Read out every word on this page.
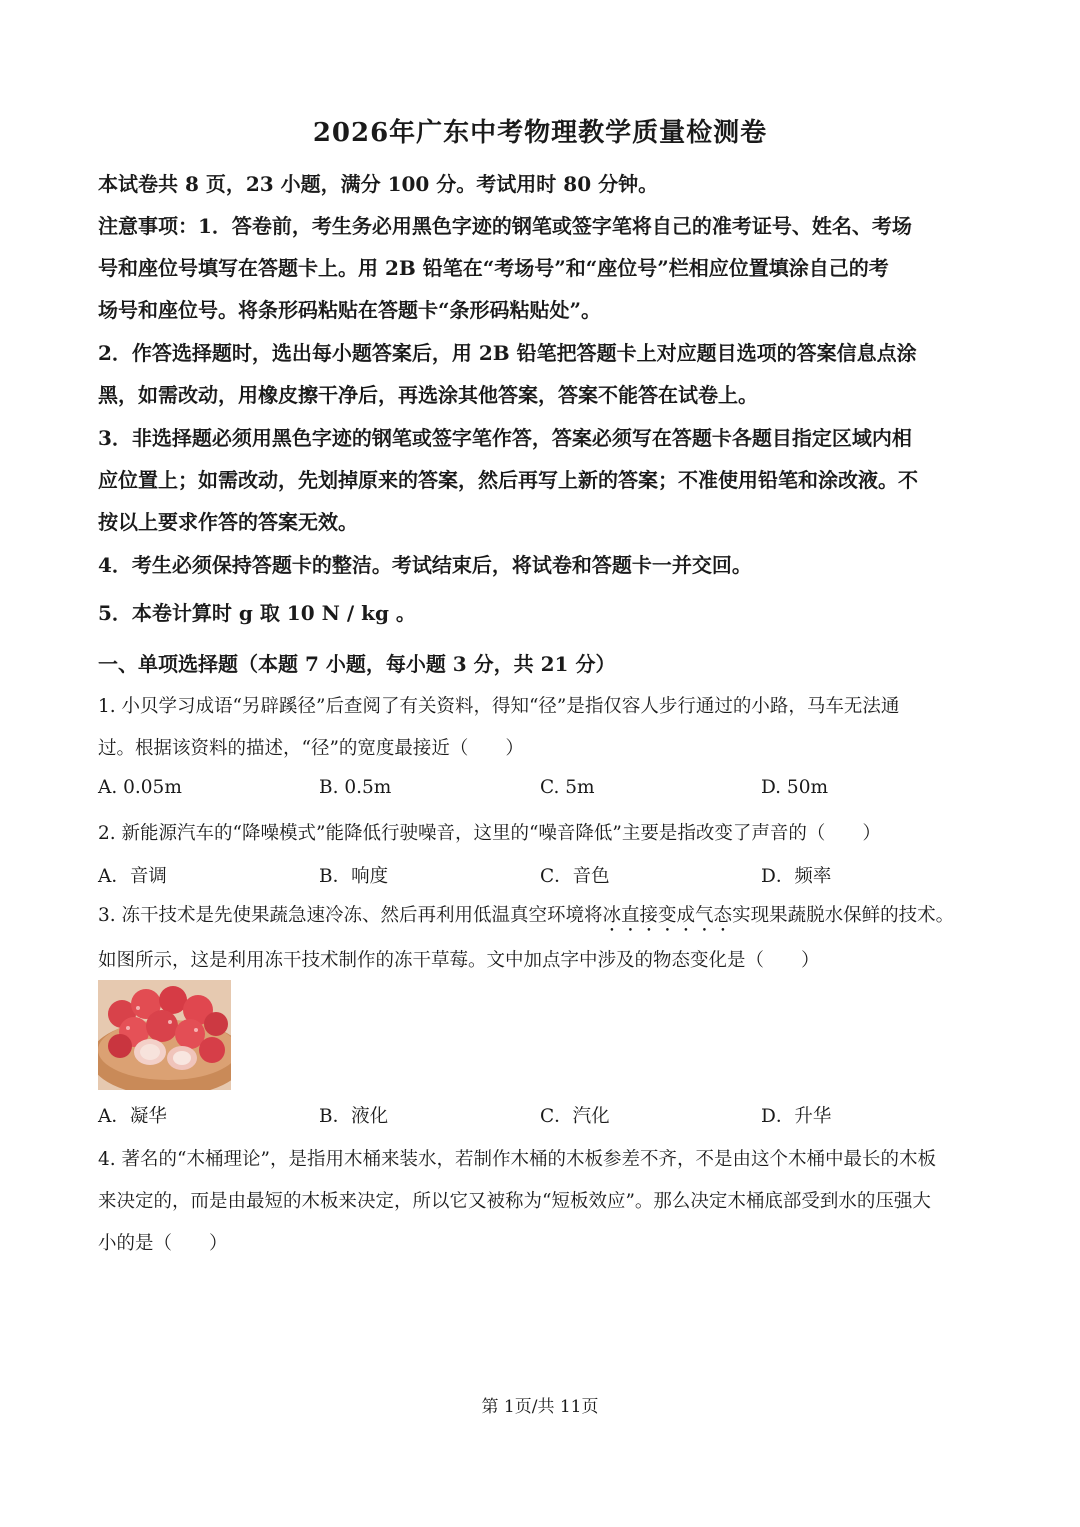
2026年广东中考物理教学质量检测卷
本试卷共 8 页，23 小题，满分 100 分。考试用时 80 分钟。
注意事项：1．答卷前，考生务必用黑色字迹的钢笔或签字笔将自己的准考证号、姓名、考场
号和座位号填写在答题卡上。用 2B 铅笔在“考场号”和“座位号”栏相应位置填涂自己的考
场号和座位号。将条形码粘贴在答题卡“条形码粘贴处”。
2．作答选择题时，选出每小题答案后，用 2B 铅笔把答题卡上对应题目选项的答案信息点涂
黑，如需改动，用橡皮擦干净后，再选涂其他答案，答案不能答在试卷上。
3．非选择题必须用黑色字迹的钢笔或签字笔作答，答案必须写在答题卡各题目指定区域内相
应位置上；如需改动，先划掉原来的答案，然后再写上新的答案；不准使用铅笔和涂改液。不
按以上要求作答的答案无效。
4．考生必须保持答题卡的整洁。考试结束后，将试卷和答题卡一并交回。
5．本卷计算时 g 取 10 N / kg 。
一、单项选择题（本题 7 小题，每小题 3 分，共 21 分）
1. 小贝学习成语“另辟蹊径”后查阅了有关资料，得知“径”是指仅容人步行通过的小路，马车无法通
过。根据该资料的描述，“径”的宽度最接近（　　）
A. 0.05m	B. 0.5m	C. 5m	D. 50m
2. 新能源汽车的“降噪模式”能降低行驶噪音，这里的“噪音降低”主要是指改变了声音的（　　）
A．音调	B．响度	C．音色	D．频率
3. 冻干技术是先使果蔬急速冷冻、然后再利用低温真空环境将冰直接变成气态实现果蔬脱水保鲜的技术。
如图所示，这是利用冻干技术制作的冻干草莓。文中加点字中涉及的物态变化是（　　）
A．凝华	B．液化	C．汽化	D．升华
4. 著名的“木桶理论”，是指用木桶来装水，若制作木桶的木板参差不齐，不是由这个木桶中最长的木板
来决定的，而是由最短的木板来决定，所以它又被称为“短板效应”。那么决定木桶底部受到水的压强大
小的是（　　）
第 1页/共 11页
